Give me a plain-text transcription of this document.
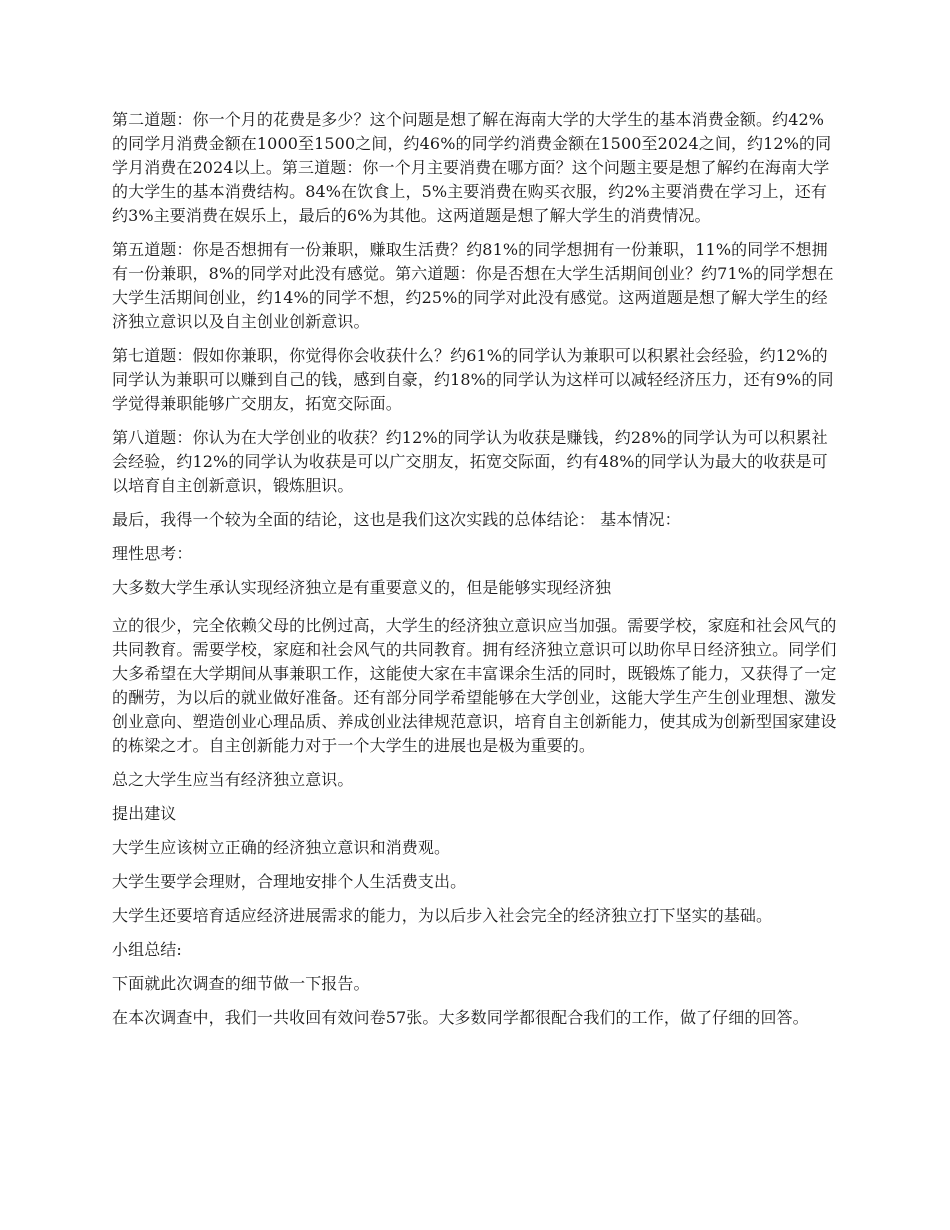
第二道题：你一个月的花费是多少？这个问题是想了解在海南大学的大学生的基本消费金额。约42%的同学月消费金额在1000至1500之间，约46%的同学约消费金额在1500至2024之间，约12%的同学月消费在2024以上。第三道题：你一个月主要消费在哪方面？这个问题主要是想了解约在海南大学的大学生的基本消费结构。84%在饮食上，5%主要消费在购买衣服，约2%主要消费在学习上，还有约3%主要消费在娱乐上，最后的6%为其他。这两道题是想了解大学生的消费情况。

第五道题：你是否想拥有一份兼职，赚取生活费？约81%的同学想拥有一份兼职，11%的同学不想拥有一份兼职，8%的同学对此没有感觉。第六道题：你是否想在大学生活期间创业？约71%的同学想在大学生活期间创业，约14%的同学不想，约25%的同学对此没有感觉。这两道题是想了解大学生的经济独立意识以及自主创业创新意识。

第七道题：假如你兼职，你觉得你会收获什么？约61%的同学认为兼职可以积累社会经验，约12%的同学认为兼职可以赚到自己的钱，感到自豪，约18%的同学认为这样可以减轻经济压力，还有9%的同学觉得兼职能够广交朋友，拓宽交际面。

第八道题：你认为在大学创业的收获？约12%的同学认为收获是赚钱，约28%的同学认为可以积累社会经验，约12%的同学认为收获是可以广交朋友，拓宽交际面，约有48%的同学认为最大的收获是可以培育自主创新意识，锻炼胆识。

最后，我得一个较为全面的结论，这也是我们这次实践的总体结论： 基本情况：

理性思考：

大多数大学生承认实现经济独立是有重要意义的，但是能够实现经济独

立的很少，完全依赖父母的比例过高，大学生的经济独立意识应当加强。需要学校，家庭和社会风气的共同教育。需要学校，家庭和社会风气的共同教育。拥有经济独立意识可以助你早日经济独立。同学们大多希望在大学期间从事兼职工作，这能使大家在丰富课余生活的同时，既锻炼了能力，又获得了一定的酬劳，为以后的就业做好准备。还有部分同学希望能够在大学创业，这能大学生产生创业理想、激发创业意向、塑造创业心理品质、养成创业法律规范意识，培育自主创新能力，使其成为创新型国家建设的栋梁之才。自主创新能力对于一个大学生的进展也是极为重要的。

总之大学生应当有经济独立意识。

提出建议

大学生应该树立正确的经济独立意识和消费观。

大学生要学会理财，合理地安排个人生活费支出。

大学生还要培育适应经济进展需求的能力，为以后步入社会完全的经济独立打下坚实的基础。

小组总结:

下面就此次调查的细节做一下报告。

在本次调查中，我们一共收回有效问卷57张。大多数同学都很配合我们的工作，做了仔细的回答。
